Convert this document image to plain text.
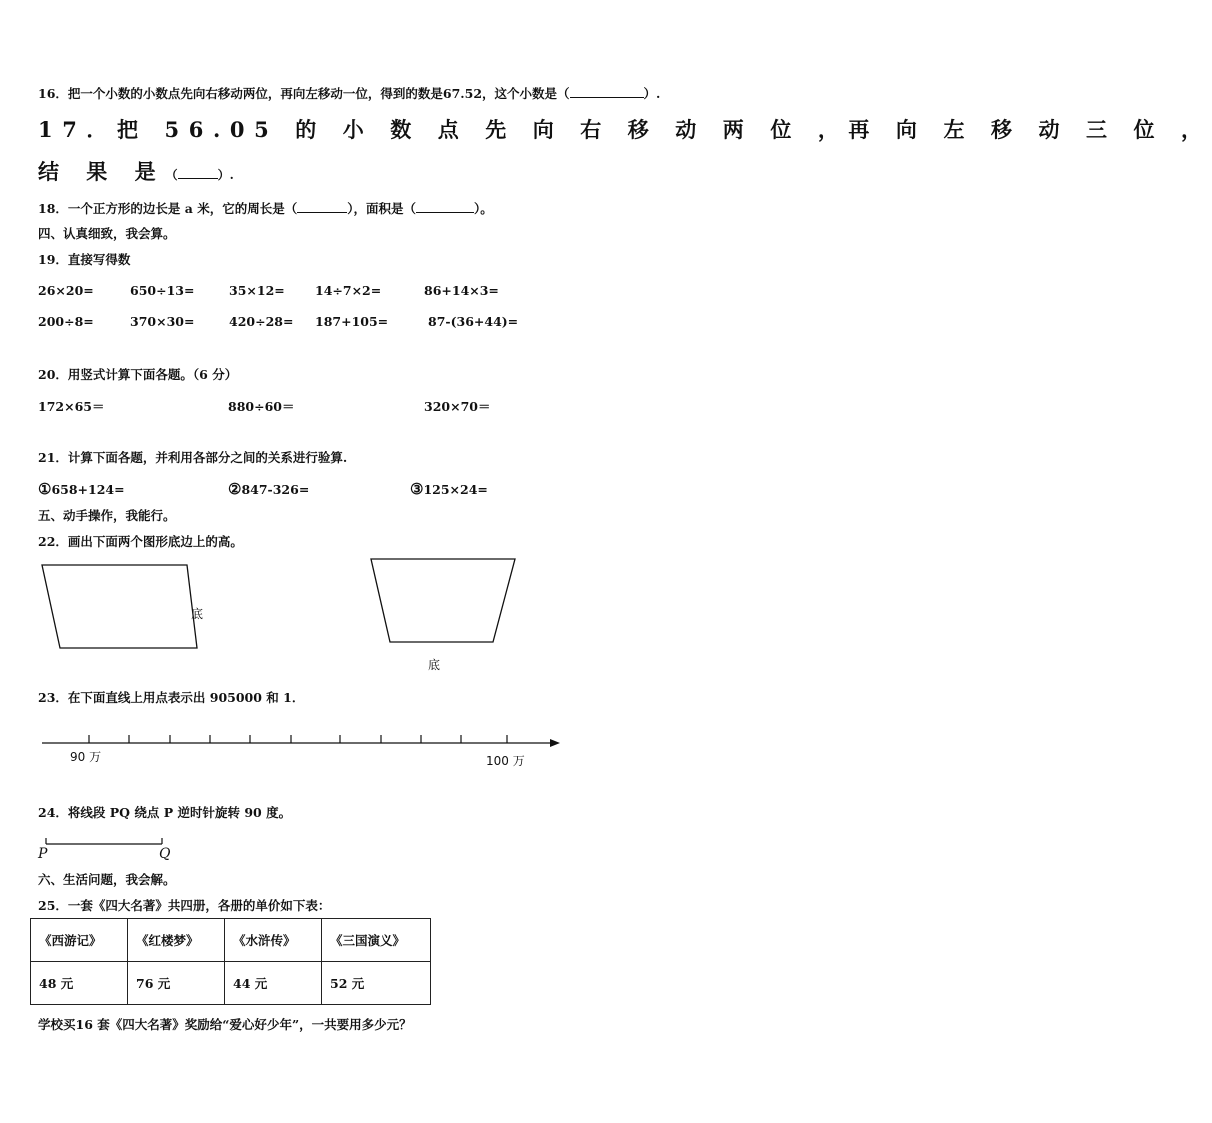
16．把一个小数的小数点先向右移动两位，再向左移动一位，得到的数是67.52，这个小数是（	）.
17．把 56.05 的 小 数 点 先 向 右 移 动 两 位 ，再 向 左 移 动 三 位 ，
结 果 是（	）.
18．一个正方形的边长是 a 米，它的周长是（	），面积是（	）。
四、认真细致，我会算。
19．直接写得数
26×20=	650÷13=	35×12= 14÷7×2=	86+14×3=
200÷8=	370×30=	420÷28= 187+105=	87-(36+44)=
20．用竖式计算下面各题。（6 分）
172×65＝	880÷60＝	320×70＝
21．计算下面各题，并利用各部分之间的关系进行验算.
①658+124=	②847-326=	③125×24=
五、动手操作，我能行。
22．画出下面两个图形底边上的高。
底
底
23．在下面直线上用点表示出 905000 和 1．
90 万	100 万
24．将线段 PQ 绕点 P 逆时针旋转 90 度。
P	Q
六、生活问题，我会解。
25．一套《四大名著》共四册，各册的单价如下表：
《西游记》	《红楼梦》	《水浒传》	《三国演义》
48 元	76 元	44 元	52 元
学校买16 套《四大名著》奖励给“爱心好少年”，一共要用多少元？
